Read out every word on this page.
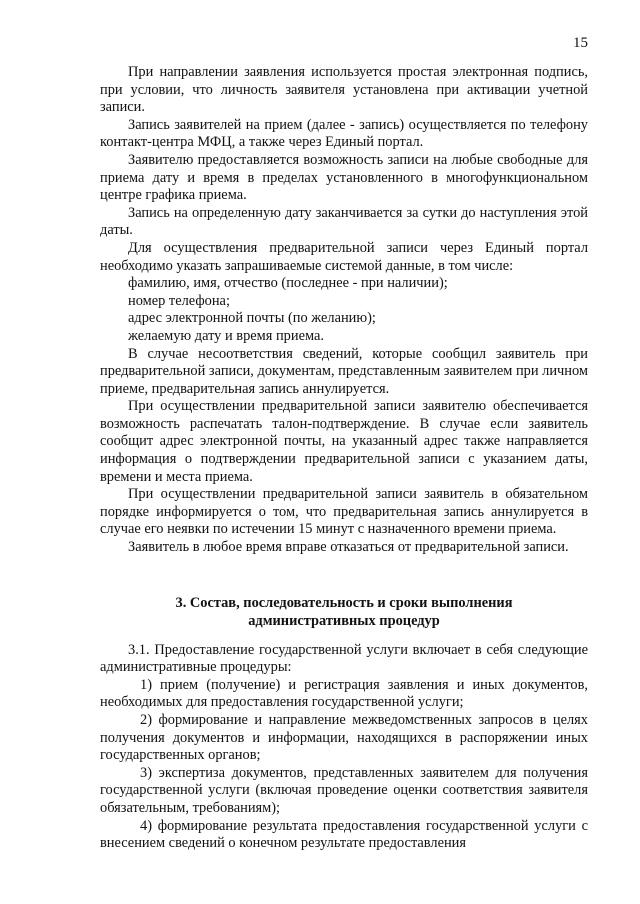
15

При направлении заявления используется простая электронная подпись, при условии, что личность заявителя установлена при активации учетной записи.

Запись заявителей на прием (далее - запись) осуществляется по телефону контакт-центра МФЦ, а также через Единый портал.

Заявителю предоставляется возможность записи на любые свободные для приема дату и время в пределах установленного в многофункциональном центре графика приема.

Запись на определенную дату заканчивается за сутки до наступления этой даты.

Для осуществления предварительной записи через Единый портал необходимо указать запрашиваемые системой данные, в том числе:

фамилию, имя, отчество (последнее - при наличии);

номер телефона;

адрес электронной почты (по желанию);

желаемую дату и время приема.

В случае несоответствия сведений, которые сообщил заявитель при предварительной записи, документам, представленным заявителем при личном приеме, предварительная запись аннулируется.

При осуществлении предварительной записи заявителю обеспечивается возможность распечатать талон-подтверждение. В случае если заявитель сообщит адрес электронной почты, на указанный адрес также направляется информация о подтверждении предварительной записи с указанием даты, времени и места приема.

При осуществлении предварительной записи заявитель в обязательном порядке информируется о том, что предварительная запись аннулируется в случае его неявки по истечении 15 минут с назначенного времени приема.

Заявитель в любое время вправе отказаться от предварительной записи.

3. Состав, последовательность и сроки выполнения
административных процедур

3.1. Предоставление государственной услуги включает в себя следующие административные процедуры:

1) прием (получение) и регистрация заявления и иных документов, необходимых для предоставления государственной услуги;

2) формирование и направление межведомственных запросов в целях получения документов и информации, находящихся в распоряжении иных государственных органов;

3) экспертиза документов, представленных заявителем для получения государственной услуги (включая проведение оценки соответствия заявителя обязательным, требованиям);

4) формирование результата предоставления государственной услуги с внесением сведений о конечном результате предоставления
